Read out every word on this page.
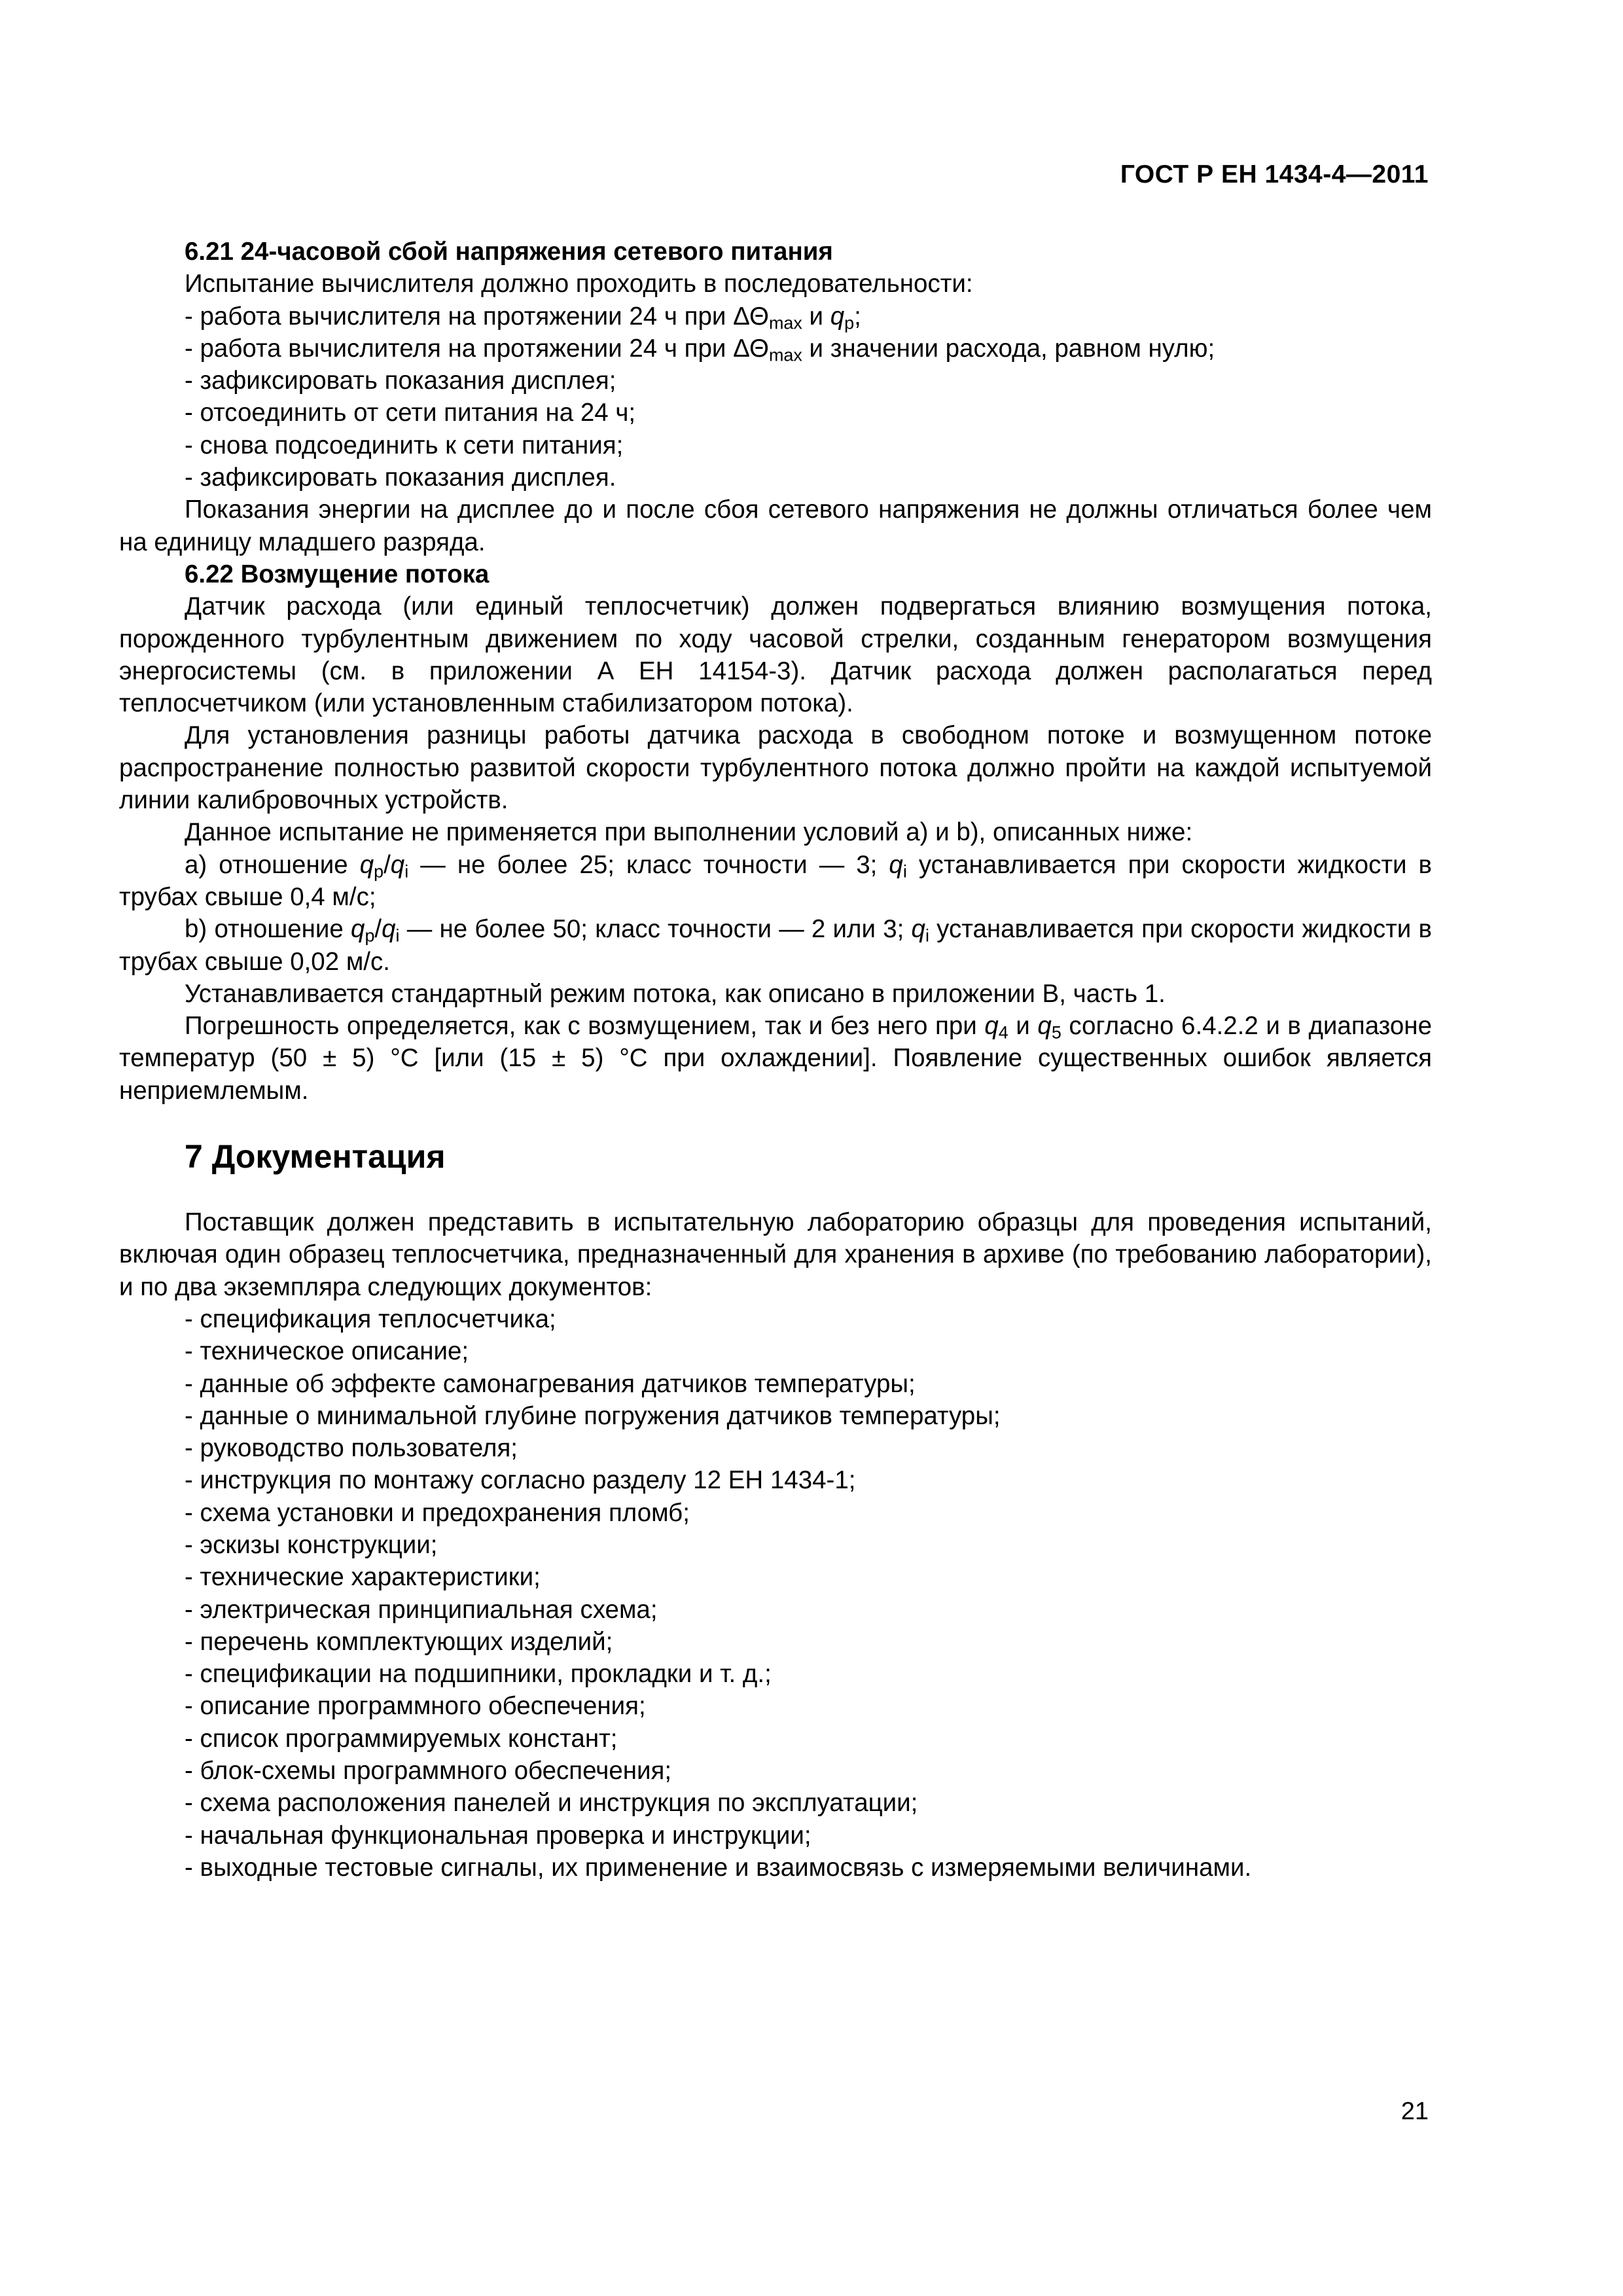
ГОСТ Р ЕН 1434-4—2011

6.21 24-часовой сбой напряжения сетевого питания

Испытание вычислителя должно проходить в последовательности:

- работа вычислителя на протяжении 24 ч при $\Delta\Theta_{max}$ и $q_p$;

- работа вычислителя на протяжении 24 ч при $\Delta\Theta_{max}$ и значении расхода, равном нулю;

- зафиксировать показания дисплея;

- отсоединить от сети питания на 24 ч;

- снова подсоединить к сети питания;

- зафиксировать показания дисплея.

Показания энергии на дисплее до и после сбоя сетевого напряжения не должны отличаться более чем на единицу младшего разряда.

6.22 Возмущение потока

Датчик расхода (или единый теплосчетчик) должен подвергаться влиянию возмущения потока, порожденного турбулентным движением по ходу часовой стрелки, созданным генератором возмущения энергосистемы (см. в приложении А ЕН 14154-3). Датчик расхода должен располагаться перед теплосчетчиком (или установленным стабилизатором потока).

Для установления разницы работы датчика расхода в свободном потоке и возмущенном потоке распространение полностью развитой скорости турбулентного потока должно пройти на каждой испытуемой линии калибровочных устройств.

Данное испытание не применяется при выполнении условий a) и b), описанных ниже:

a) отношение $q_p/q_i$ — не более 25; класс точности — 3; $q_i$ устанавливается при скорости жидкости в трубах свыше 0,4 м/с;

b) отношение $q_p/q_i$ — не более 50; класс точности — 2 или 3; $q_i$ устанавливается при скорости жидкости в трубах свыше 0,02 м/с.

Устанавливается стандартный режим потока, как описано в приложении В, часть 1.

Погрешность определяется, как с возмущением, так и без него при $q_4$ и $q_5$ согласно 6.4.2.2 и в диапазоне температур (50 ± 5) °С [или (15 ± 5) °С при охлаждении]. Появление существенных ошибок является неприемлемым.

7 Документация

Поставщик должен представить в испытательную лабораторию образцы для проведения испытаний, включая один образец теплосчетчика, предназначенный для хранения в архиве (по требованию лаборатории), и по два экземпляра следующих документов:

- спецификация теплосчетчика;

- техническое описание;

- данные об эффекте самонагревания датчиков температуры;

- данные о минимальной глубине погружения датчиков температуры;

- руководство пользователя;

- инструкция по монтажу согласно разделу 12 ЕН 1434-1;

- схема установки и предохранения пломб;

- эскизы конструкции;

- технические характеристики;

- электрическая принципиальная схема;

- перечень комплектующих изделий;

- спецификации на подшипники, прокладки и т. д.;

- описание программного обеспечения;

- список программируемых констант;

- блок-схемы программного обеспечения;

- схема расположения панелей и инструкция по эксплуатации;

- начальная функциональная проверка и инструкции;

- выходные тестовые сигналы, их применение и взаимосвязь с измеряемыми величинами.

21
